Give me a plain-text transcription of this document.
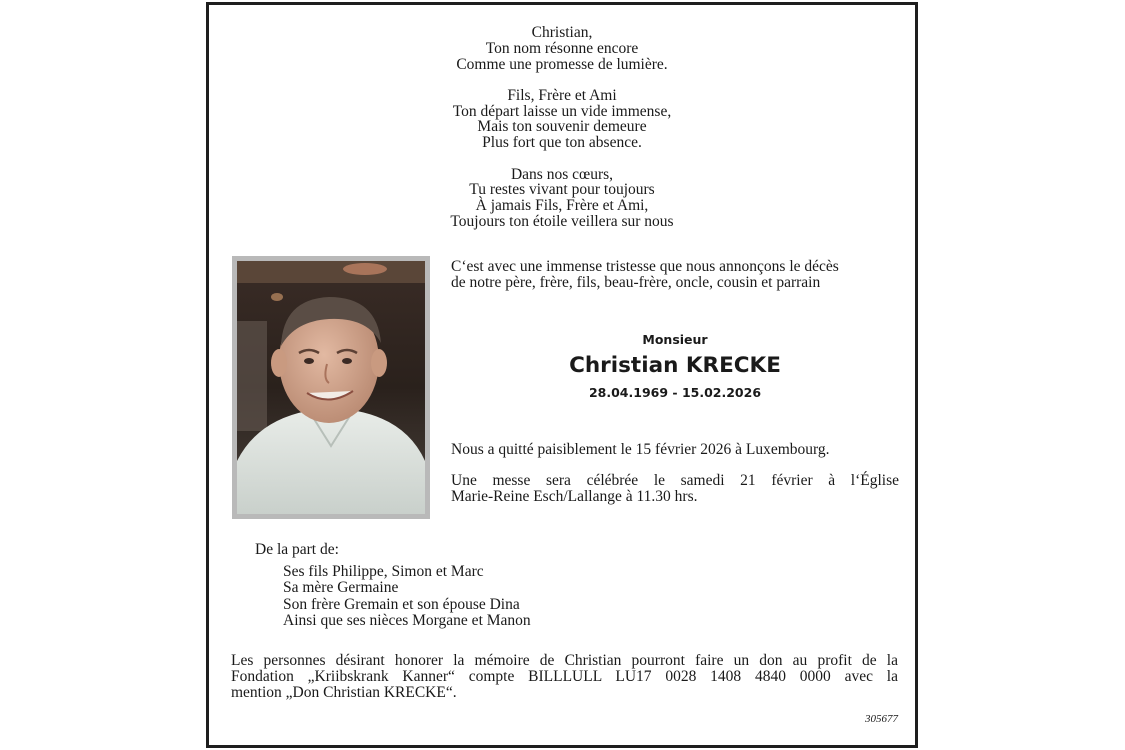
Christian,
Ton nom résonne encore
Comme une promesse de lumière.
Fils, Frère et Ami
Ton départ laisse un vide immense,
Mais ton souvenir demeure
Plus fort que ton absence.
Dans nos cœurs,
Tu restes vivant pour toujours
À jamais Fils, Frère et Ami,
Toujours ton étoile veillera sur nous
C‘est avec une immense tristesse que nous annonçons le décès
de notre père, frère, fils, beau-frère, oncle, cousin et parrain
Monsieur
Christian KRECKE
28.04.1969 - 15.02.2026
Nous a quitté paisiblement le 15 février 2026 à Luxembourg.
Une messe sera célébrée le samedi 21 février à l‘Église
Marie-Reine Esch/Lallange à 11.30 hrs.
De la part de:
Ses fils Philippe, Simon et Marc
Sa mère Germaine
Son frère Gremain et son épouse Dina
Ainsi que ses nièces Morgane et Manon
Les personnes désirant honorer la mémoire de Christian pourront faire un don au profit de la
Fondation „Kriibskrank Kanner“ compte BILLLULL LU17 0028 1408 4840 0000 avec la
mention „Don Christian KRECKE“.
305677
